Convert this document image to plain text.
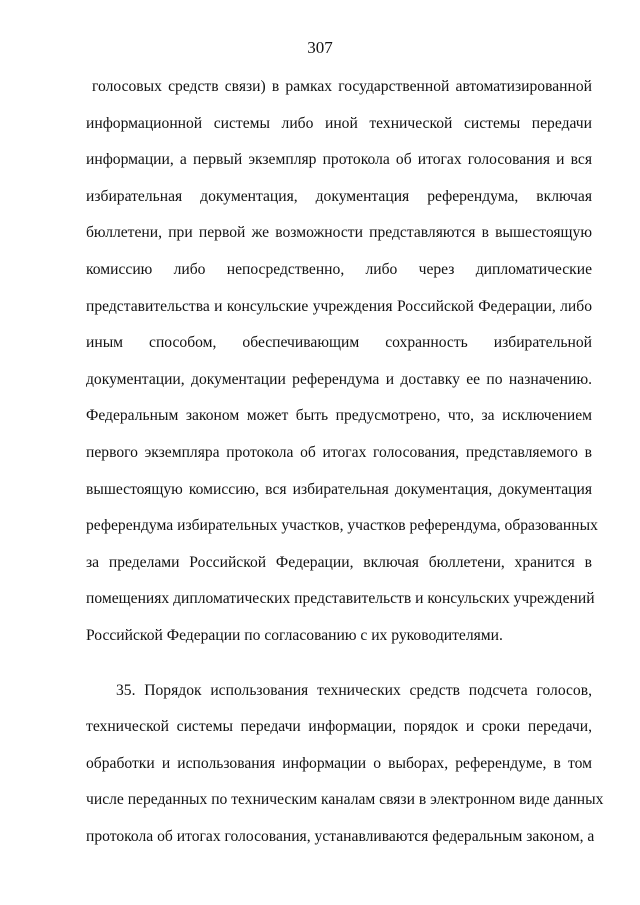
307
голосовых средств связи) в рамках государственной автоматизированной
информационной системы либо иной технической системы передачи
информации, а первый экземпляр протокола об итогах голосования и вся
избирательная документация, документация референдума, включая
бюллетени, при первой же возможности представляются в вышестоящую
комиссию либо непосредственно, либо через дипломатические
представительства и консульские учреждения Российской Федерации, либо
иным способом, обеспечивающим сохранность избирательной
документации, документации референдума и доставку ее по назначению.
Федеральным законом может быть предусмотрено, что, за исключением
первого экземпляра протокола об итогах голосования, представляемого в
вышестоящую комиссию, вся избирательная документация, документация
референдума избирательных участков, участков референдума, образованных
за пределами Российской Федерации, включая бюллетени, хранится в
помещениях дипломатических представительств и консульских учреждений
Российской Федерации по согласованию с их руководителями.
35. Порядок использования технических средств подсчета голосов,
технической системы передачи информации, порядок и сроки передачи,
обработки и использования информации о выборах, референдуме, в том
числе переданных по техническим каналам связи в электронном виде данных
протокола об итогах голосования, устанавливаются федеральным законом, а
